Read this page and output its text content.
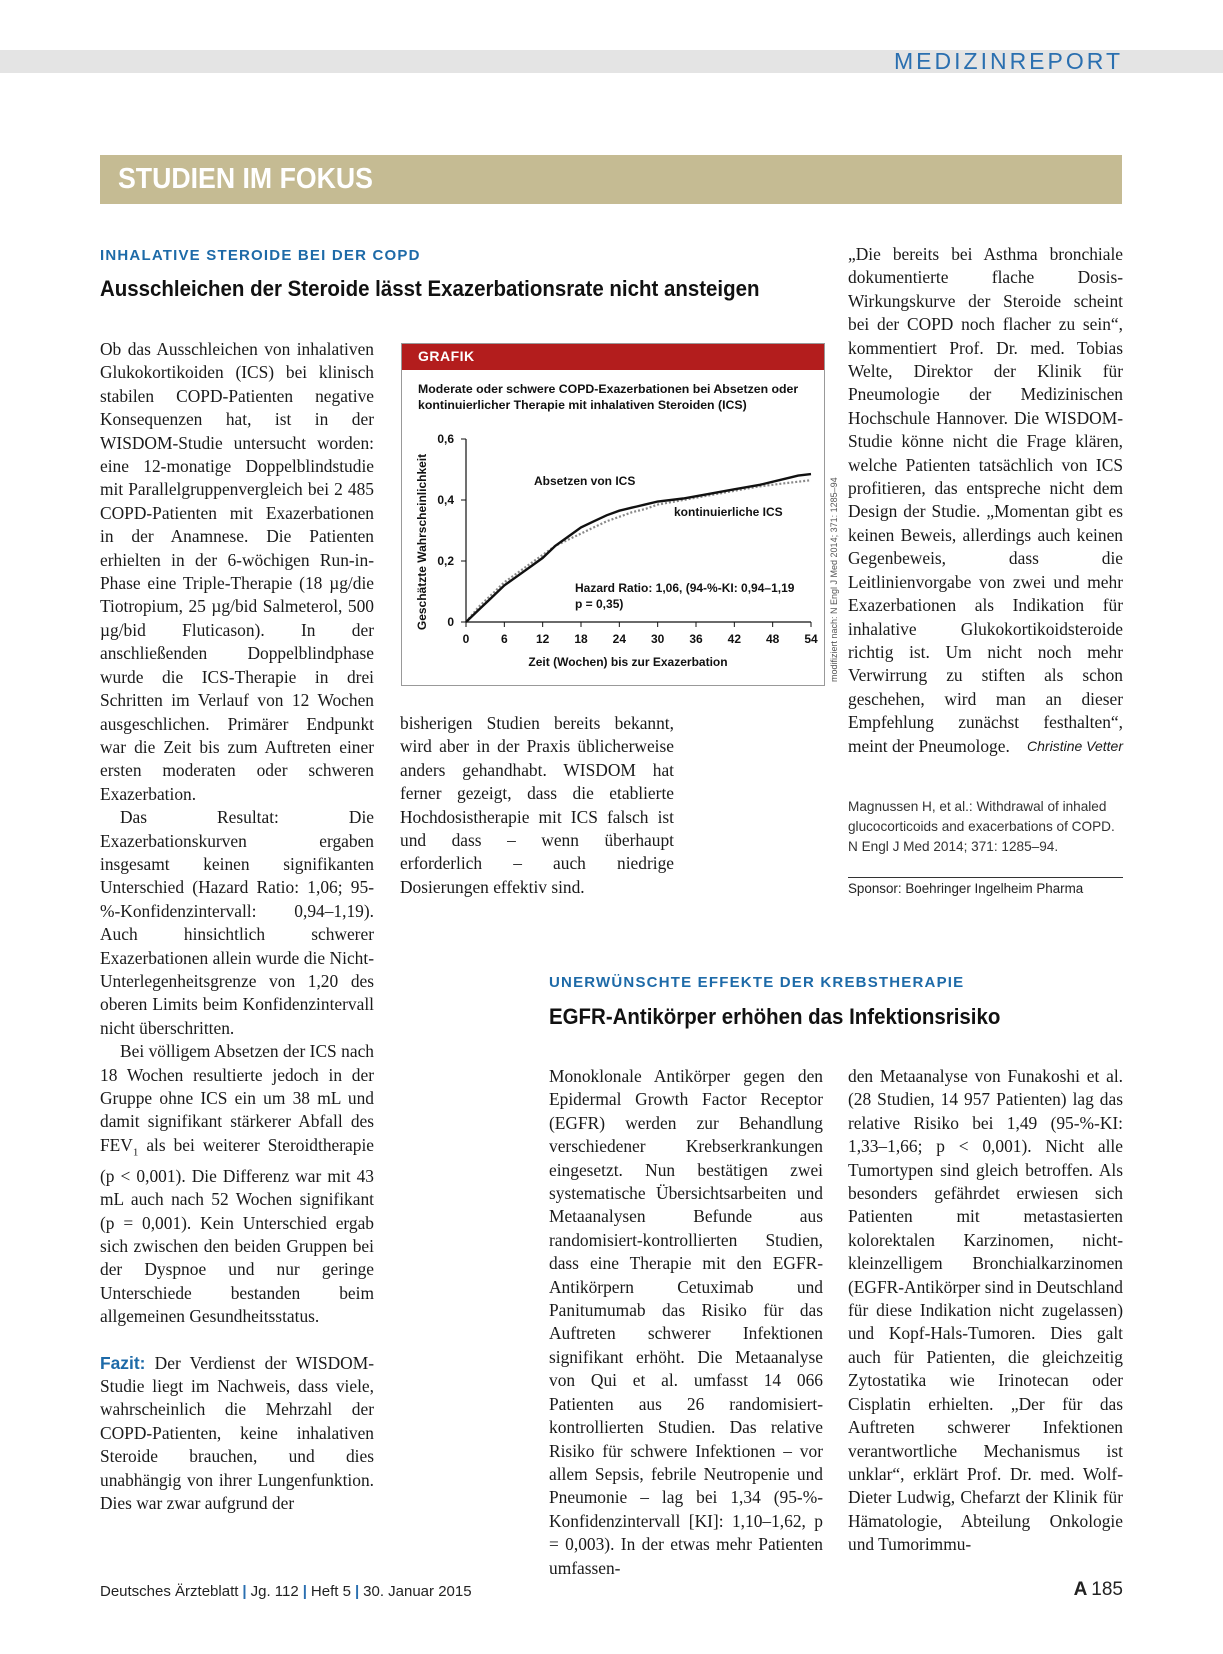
MEDIZINREPORT
STUDIEN IM FOKUS
INHALATIVE STEROIDE BEI DER COPD
Ausschleichen der Steroide lässt Exazerbationsrate nicht ansteigen

Ob das Ausschleichen von inhalativen Glukokortikoiden (ICS) bei klinisch stabilen COPD-Patienten negative Konsequenzen hat, ist in der WISDOM-Studie untersucht worden: eine 12-monatige Doppelblindstudie mit Parallelgruppenvergleich bei 2 485 COPD-Patienten mit Exazerbationen in der Anamnese. Die Patienten erhielten in der 6-wöchigen Run-in-Phase eine Triple-Therapie (18 µg/die Tiotropium, 25 µg/bid Salmeterol, 500 µg/bid Fluticason). In der anschließenden Doppelblindphase wurde die ICS-Therapie in drei Schritten im Verlauf von 12 Wochen ausgeschlichen. Primärer Endpunkt war die Zeit bis zum Auftreten einer ersten moderaten oder schweren Exazerbation.

Das Resultat: Die Exazerbationskurven ergaben insgesamt keinen signifikanten Unterschied (Hazard Ratio: 1,06; 95-%-Konfidenzintervall: 0,94–1,19). Auch hinsichtlich schwerer Exazerbationen allein wurde die Nicht-Unterlegenheitsgrenze von 1,20 des oberen Limits beim Konfidenzintervall nicht überschritten.

Bei völligem Absetzen der ICS nach 18 Wochen resultierte jedoch in der Gruppe ohne ICS ein um 38 mL und damit signifikant stärkerer Abfall des $FEV_1$ als bei weiterer Steroidtherapie (p < 0,001). Die Differenz war mit 43 mL auch nach 52 Wochen signifikant (p = 0,001). Kein Unterschied ergab sich zwischen den beiden Gruppen bei der Dyspnoe und nur geringe Unterschiede bestanden beim allgemeinen Gesundheitsstatus.

Fazit: Der Verdienst der WISDOM-Studie liegt im Nachweis, dass viele, wahrscheinlich die Mehrzahl der COPD-Patienten, keine inhalativen Steroide brauchen, und dies unabhängig von ihrer Lungenfunktion. Dies war zwar aufgrund der

GRAFIK
Moderate oder schwere COPD-Exazerbationen bei Absetzen oder kontinuierlicher Therapie mit inhalativen Steroiden (ICS)
Geschätzte Wahrscheinlichkeit
Zeit (Wochen) bis zur Exazerbation
Absetzen von ICS
kontinuierliche ICS
Hazard Ratio: 1,06, (94-%-KI: 0,94–1,19
p = 0,35)
0	6 12 18 24 30 36 42 48 54
0
0,2
0,4
0,6
modifiziert nach: N Engl J Med 2014; 371: 1285–94

bisherigen Studien bereits bekannt, wird aber in der Praxis üblicherweise anders gehandhabt. WISDOM hat ferner gezeigt, dass die etablierte Hochdosistherapie mit ICS falsch ist und dass – wenn überhaupt erforderlich – auch niedrige Dosierungen effektiv sind.

„Die bereits bei Asthma bronchiale dokumentierte flache Dosis-Wirkungskurve der Steroide scheint bei der COPD noch flacher zu sein“, kommentiert Prof. Dr. med. Tobias Welte, Direktor der Klinik für Pneumologie der Medizinischen Hochschule Hannover. Die WISDOM-Studie könne nicht die Frage klären, welche Patienten tatsächlich von ICS profitieren, das entspreche nicht dem Design der Studie. „Momentan gibt es keinen Beweis, allerdings auch keinen Gegenbeweis, dass die Leitlinienvorgabe von zwei und mehr Exazerbationen als Indikation für inhalative Glukokortikoidsteroide richtig ist. Um nicht noch mehr Verwirrung zu stiften als schon geschehen, wird man an dieser Empfehlung zunächst festhalten“, meint der Pneumologe.	Christine Vetter
Magnussen H, et al.: Withdrawal of inhaled glucocorticoids and exacerbations of COPD. N Engl J Med 2014; 371: 1285–94.
Sponsor: Boehringer Ingelheim Pharma
UNERWÜNSCHTE EFFEKTE DER KREBSTHERAPIE
EGFR-Antikörper erhöhen das Infektionsrisiko

Monoklonale Antikörper gegen den Epidermal Growth Factor Receptor (EGFR) werden zur Behandlung verschiedener Krebserkrankungen eingesetzt. Nun bestätigen zwei systematische Übersichtsarbeiten und Metaanalysen Befunde aus randomisiert-kontrollierten Studien, dass eine Therapie mit den EGFR-Antikörpern Cetuximab und Panitumumab das Risiko für das Auftreten schwerer Infektionen signifikant erhöht. Die Metaanalyse von Qui et al. umfasst 14 066 Patienten aus 26 randomisiert-kontrollierten Studien. Das relative Risiko für schwere Infektionen – vor allem Sepsis, febrile Neutropenie und Pneumonie – lag bei 1,34 (95-%-Konfidenzintervall [KI]: 1,10–1,62, p = 0,003). In der etwas mehr Patienten umfassen-

den Metaanalyse von Funakoshi et al. (28 Studien, 14 957 Patienten) lag das relative Risiko bei 1,49 (95-%-KI: 1,33–1,66; p < 0,001). Nicht alle Tumortypen sind gleich betroffen. Als besonders gefährdet erwiesen sich Patienten mit metastasierten kolorektalen Karzinomen, nicht-kleinzelligem Bronchialkarzinomen (EGFR-Antikörper sind in Deutschland für diese Indikation nicht zugelassen) und Kopf-Hals-Tumoren. Dies galt auch für Patienten, die gleichzeitig Zytostatika wie Irinotecan oder Cisplatin erhielten. „Der für das Auftreten schwerer Infektionen verantwortliche Mechanismus ist unklar“, erklärt Prof. Dr. med. Wolf-Dieter Ludwig, Chefarzt der Klinik für Hämatologie, Abteilung Onkologie und Tumorimmu-

Deutsches Ärzteblatt | Jg. 112 | Heft 5 | 30. Januar 2015	A 185
